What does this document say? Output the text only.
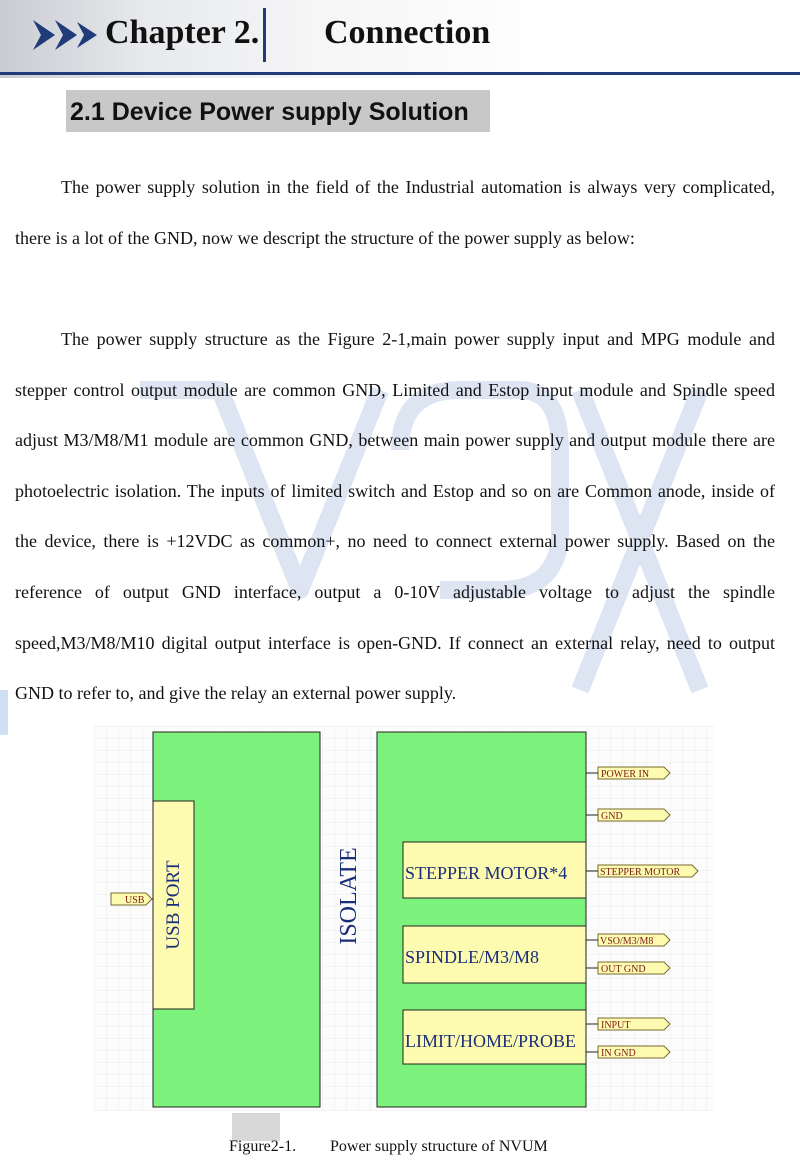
Chapter 2. Connection
2.1 Device Power supply Solution

The power supply solution in the field of the Industrial automation is always very complicated, there is a lot of the GND, now we descript the structure of the power supply as below:

The power supply structure as the Figure 2-1,main power supply input and MPG module and stepper control output module are common GND, Limited and Estop input module and Spindle speed adjust M3/M8/M1 module are common GND, between main power supply and output module there are photoelectric isolation. The inputs of limited switch and Estop and so on are Common anode, inside of the device, there is +12VDC as common+, no need to connect external power supply. Based on the reference of output GND interface, output a 0-10V adjustable voltage to adjust the spindle speed,M3/M8/M10 digital output interface is open-GND. If connect an external relay, need to output GND to refer to, and give the relay an external power supply.

USB PORT
USB	ISOLATE STEPPER MOTOR*4
SPINDLE/M3/M8
LIMIT/HOME/PROBE
POWER IN
GND
STEPPER MOTOR
VSO/M3/M8
OUT GND
INPUT
IN GND
Figure2-1. Power supply structure of NVUM
